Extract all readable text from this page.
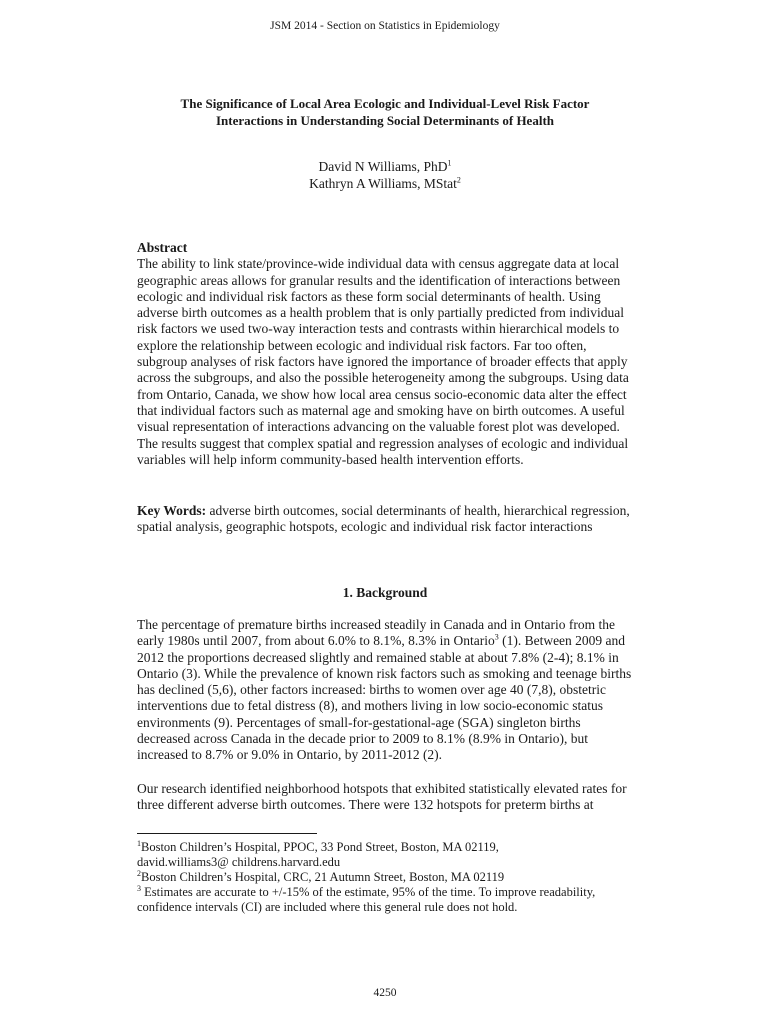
JSM 2014 - Section on Statistics in Epidemiology
The Significance of Local Area Ecologic and Individual-Level Risk Factor
Interactions in Understanding Social Determinants of Health
David N Williams, PhD$^1$
Kathryn A Williams, MStat$^2$
Abstract

The ability to link state/province-wide individual data with census aggregate data at local geographic areas allows for granular results and the identification of interactions between ecologic and individual risk factors as these form social determinants of health. Using adverse birth outcomes as a health problem that is only partially predicted from individual risk factors we used two-way interaction tests and contrasts within hierarchical models to explore the relationship between ecologic and individual risk factors. Far too often, subgroup analyses of risk factors have ignored the importance of broader effects that apply across the subgroups, and also the possible heterogeneity among the subgroups. Using data from Ontario, Canada, we show how local area census socio-economic data alter the effect that individual factors such as maternal age and smoking have on birth outcomes. A useful visual representation of interactions advancing on the valuable forest plot was developed. The results suggest that complex spatial and regression analyses of ecologic and individual variables will help inform community-based health intervention efforts.

Key Words: adverse birth outcomes, social determinants of health, hierarchical regression, spatial analysis, geographic hotspots, ecologic and individual risk factor interactions

1. Background

The percentage of premature births increased steadily in Canada and in Ontario from the early 1980s until 2007, from about 6.0% to 8.1%, 8.3% in Ontario$^3$ (1). Between 2009 and 2012 the proportions decreased slightly and remained stable at about 7.8% (2-4); 8.1% in Ontario (3). While the prevalence of known risk factors such as smoking and teenage births has declined (5,6), other factors increased: births to women over age 40 (7,8), obstetric interventions due to fetal distress (8), and mothers living in low socio-economic status environments (9). Percentages of small-for-gestational-age (SGA) singleton births decreased across Canada in the decade prior to 2009 to 8.1% (8.9% in Ontario), but increased to 8.7% or 9.0% in Ontario, by 2011-2012 (2).

Our research identified neighborhood hotspots that exhibited statistically elevated rates for three different adverse birth outcomes. There were 132 hotspots for preterm births at

$^1$Boston Children’s Hospital, PPOC, 33 Pond Street, Boston, MA 02119,
david.williams3@ childrens.harvard.edu
$^2$Boston Children’s Hospital, CRC, 21 Autumn Street, Boston, MA 02119
$^3$ Estimates are accurate to +/-15% of the estimate, 95% of the time. To improve readability, confidence intervals (CI) are included where this general rule does not hold.
4250
